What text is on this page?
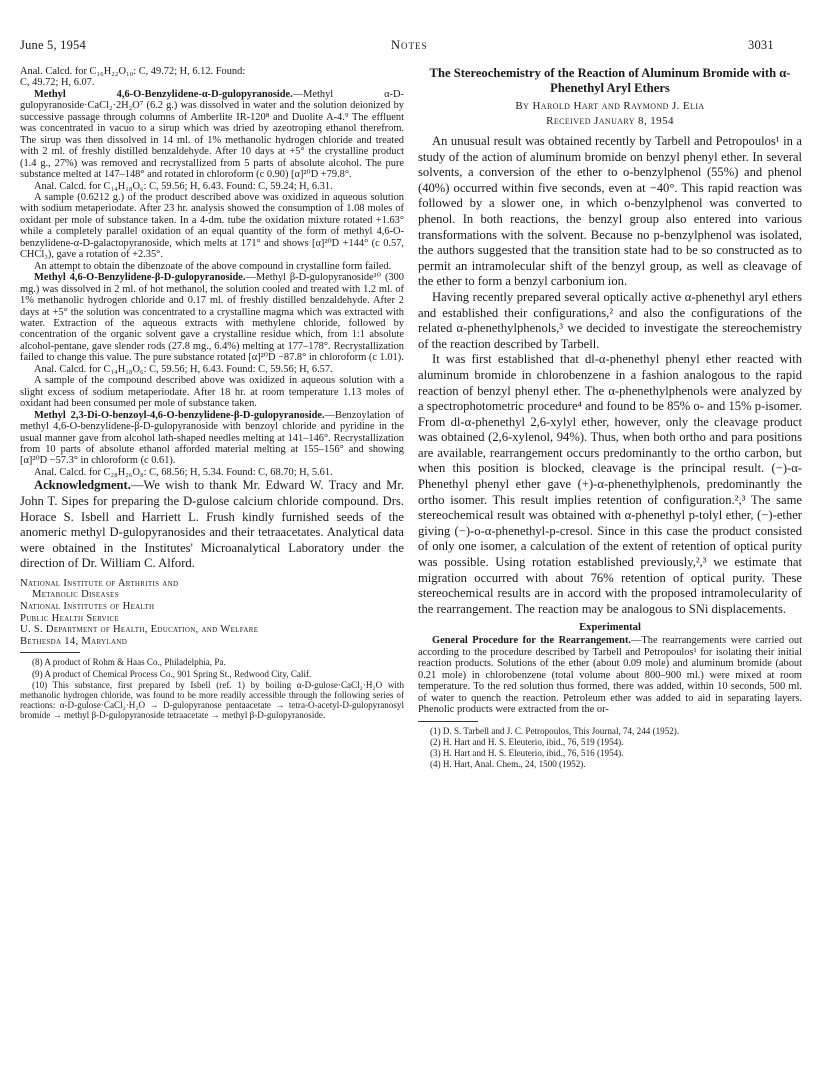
June 5, 1954	Notes	3031

Anal. Calcd. for C₁₆H₂₂O₁₀: C, 49.72; H, 6.12. Found:

C, 49.72; H, 6.07.

Methyl 4,6-O-Benzylidene-α-D-gulopyranoside.—Methyl α-D-gulopyranoside·CaCl₂·2H₂O⁷ (6.2 g.) was dissolved in water and the solution deionized by successive passage through columns of Amberlite IR-120⁸ and Duolite A-4.⁹ The effluent was concentrated in vacuo to a sirup which was dried by azeotroping ethanol therefrom. The sirup was then dissolved in 14 ml. of 1% methanolic hydrogen chloride and treated with 2 ml. of freshly distilled benzaldehyde. After 10 days at +5° the crystalline product (1.4 g., 27%) was removed and recrystallized from 5 parts of absolute alcohol. The pure substance melted at 147–148° and rotated in chloroform (c 0.90) [α]²⁰D +79.8°.

Anal. Calcd. for C₁₄H₁₈O₆: C, 59.56; H, 6.43. Found: C, 59.24; H, 6.31.

A sample (0.6212 g.) of the product described above was oxidized in aqueous solution with sodium metaperiodate. After 23 hr. analysis showed the consumption of 1.08 moles of oxidant per mole of substance taken. In a 4-dm. tube the oxidation mixture rotated +1.63° while a completely parallel oxidation of an equal quantity of the form of methyl 4,6-O-benzylidene-α-D-galactopyranoside, which melts at 171° and shows [α]²⁰D +144° (c 0.57, CHCl₃), gave a rotation of +2.35°.

An attempt to obtain the dibenzoate of the above compound in crystalline form failed.

Methyl 4,6-O-Benzylidene-β-D-gulopyranoside.—Methyl β-D-gulopyranoside¹⁰ (300 mg.) was dissolved in 2 ml. of hot methanol, the solution cooled and treated with 1.2 ml. of 1% methanolic hydrogen chloride and 0.17 ml. of freshly distilled benzaldehyde. After 2 days at +5° the solution was concentrated to a crystalline magma which was extracted with water. Extraction of the aqueous extracts with methylene chloride, followed by concentration of the organic solvent gave a crystalline residue which, from 1:1 absolute alcohol-pentane, gave slender rods (27.8 mg., 6.4%) melting at 177–178°. Recrystallization failed to change this value. The pure substance rotated [α]²⁰D −87.8° in chloroform (c 1.01).

Anal. Calcd. for C₁₄H₁₈O₆: C, 59.56; H, 6.43. Found: C, 59.56; H, 6.57.

A sample of the compound described above was oxidized in aqueous solution with a slight excess of sodium metaperiodate. After 18 hr. at room temperature 1.13 moles of oxidant had been consumed per mole of substance taken.

Methyl 2,3-Di-O-benzoyl-4,6-O-benzylidene-β-D-gulopyranoside.—Benzoylation of methyl 4,6-O-benzylidene-β-D-gulopyranoside with benzoyl chloride and pyridine in the usual manner gave from alcohol lath-shaped needles melting at 141–146°. Recrystallization from 10 parts of absolute ethanol afforded material melting at 155–156° and showing [α]²⁰D −57.3° in chloroform (c 0.61).

Anal. Calcd. for C₂₈H₂₆O₈: C, 68.56; H, 5.34. Found: C, 68.70; H, 5.61.

Acknowledgment.—We wish to thank Mr. Edward W. Tracy and Mr. John T. Sipes for preparing the D-gulose calcium chloride compound. Drs. Horace S. Isbell and Harriett L. Frush kindly furnished seeds of the anomeric methyl D-gulopyranosides and their tetraacetates. Analytical data were obtained in the Institutes' Microanalytical Laboratory under the direction of Dr. William C. Alford.

National Institute of Arthritis and

Metabolic Diseases

National Institutes of Health

Public Health Service

U. S. Department of Health, Education, and Welfare

Bethesda 14, Maryland

(8) A product of Rohm & Haas Co., Philadelphia, Pa.

(9) A product of Chemical Process Co., 901 Spring St., Redwood City, Calif.

(10) This substance, first prepared by Isbell (ref. 1) by boiling α-D-gulose·CaCl₂·H₂O with methanolic hydrogen chloride, was found to be more readily accessible through the following series of reactions: α-D-gulose·CaCl₂·H₂O → D-gulopyranose pentaacetate → tetra-O-acetyl-D-gulopyranosyl bromide → methyl β-D-gulopyranoside tetraacetate → methyl β-D-gulopyranoside.

The Stereochemistry of the Reaction of Aluminum Bromide with α-Phenethyl Aryl Ethers

By Harold Hart and Raymond J. Elia

Received January 8, 1954

An unusual result was obtained recently by Tarbell and Petropoulos¹ in a study of the action of aluminum bromide on benzyl phenyl ether. In several solvents, a conversion of the ether to o-benzylphenol (55%) and phenol (40%) occurred within five seconds, even at −40°. This rapid reaction was followed by a slower one, in which o-benzylphenol was converted to phenol. In both reactions, the benzyl group also entered into various transformations with the solvent. Because no p-benzylphenol was isolated, the authors suggested that the transition state had to be so constructed as to permit an intramolecular shift of the benzyl group, as well as cleavage of the ether to form a benzyl carbonium ion.

Having recently prepared several optically active α-phenethyl aryl ethers and established their configurations,² and also the configurations of the related α-phenethylphenols,³ we decided to investigate the stereochemistry of the reaction described by Tarbell.

It was first established that dl-α-phenethyl phenyl ether reacted with aluminum bromide in chlorobenzene in a fashion analogous to the rapid reaction of benzyl phenyl ether. The α-phenethylphenols were analyzed by a spectrophotometric procedure⁴ and found to be 85% o- and 15% p-isomer. From dl-α-phenethyl 2,6-xylyl ether, however, only the cleavage product was obtained (2,6-xylenol, 94%). Thus, when both ortho and para positions are available, rearrangement occurs predominantly to the ortho carbon, but when this position is blocked, cleavage is the principal result. (−)-α-Phenethyl phenyl ether gave (+)-α-phenethylphenols, predominantly the ortho isomer. This result implies retention of configuration.²,³ The same stereochemical result was obtained with α-phenethyl p-tolyl ether, (−)-ether giving (−)-o-α-phenethyl-p-cresol. Since in this case the product consisted of only one isomer, a calculation of the extent of retention of optical purity was possible. Using rotation established previously,²,³ we estimate that migration occurred with about 76% retention of optical purity. These stereochemical results are in accord with the proposed intramolecularity of the rearrangement. The reaction may be analogous to SNi displacements.

Experimental

General Procedure for the Rearrangement.—The rearrangements were carried out according to the procedure described by Tarbell and Petropoulos¹ for isolating their initial reaction products. Solutions of the ether (about 0.09 mole) and aluminum bromide (about 0.21 mole) in chlorobenzene (total volume about 800–900 ml.) were mixed at room temperature. To the red solution thus formed, there was added, within 10 seconds, 500 ml. of water to quench the reaction. Petroleum ether was added to aid in separating layers. Phenolic products were extracted from the or-

(1) D. S. Tarbell and J. C. Petropoulos, This Journal, 74, 244 (1952).

(2) H. Hart and H. S. Eleuterio, ibid., 76, 519 (1954).

(3) H. Hart and H. S. Eleuterio, ibid., 76, 516 (1954).

(4) H. Hart, Anal. Chem., 24, 1500 (1952).
